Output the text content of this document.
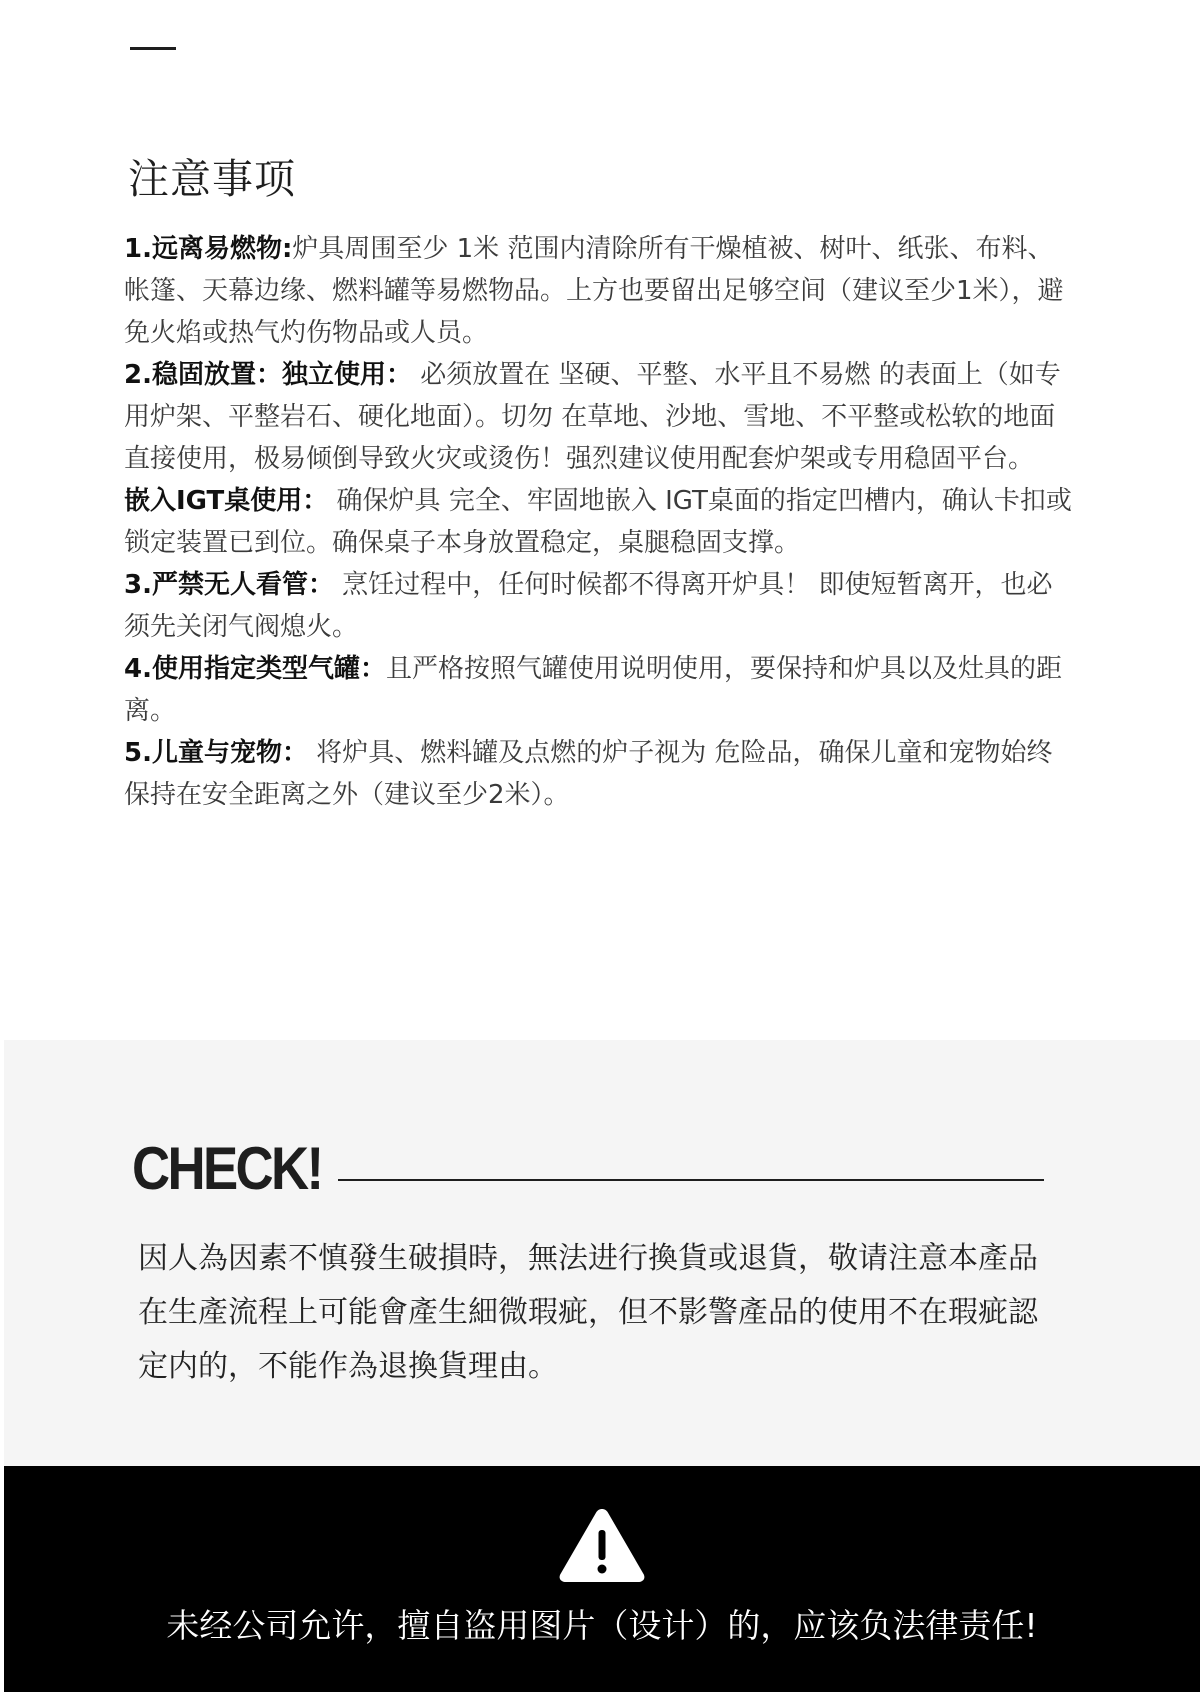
注意事项

1.远离易燃物:炉具周围至少 1米 范围内清除所有干燥植被、树叶、纸张、布料、帐篷、天幕边缘、燃料罐等易燃物品。上方也要留出足够空间（建议至少1米），避免火焰或热气灼伤物品或人员。

2.稳固放置：独立使用： 必须放置在 坚硬、平整、水平且不易燃 的表面上（如专用炉架、平整岩石、硬化地面）。切勿 在草地、沙地、雪地、不平整或松软的地面直接使用，极易倾倒导致火灾或烫伤！强烈建议使用配套炉架或专用稳固平台。

嵌入IGT桌使用： 确保炉具 完全、牢固地嵌入 IGT桌面的指定凹槽内，确认卡扣或锁定装置已到位。确保桌子本身放置稳定，桌腿稳固支撑。

3.严禁无人看管： 烹饪过程中，任何时候都不得离开炉具！ 即使短暂离开，也必须先关闭气阀熄火。

4.使用指定类型气罐：且严格按照气罐使用说明使用，要保持和炉具以及灶具的距离。

5.儿童与宠物： 将炉具、燃料罐及点燃的炉子视为 危险品，确保儿童和宠物始终保持在安全距离之外（建议至少2米）。

CHECK!

因人為因素不慎發生破損時，無法进行換貨或退貨，敬请注意本產品在生產流程上可能會產生細微瑕疵，但不影警產品的使用不在瑕疵認定内的，不能作為退換貨理由。

未经公司允许，擅自盗用图片（设计）的，应该负法律责任!
